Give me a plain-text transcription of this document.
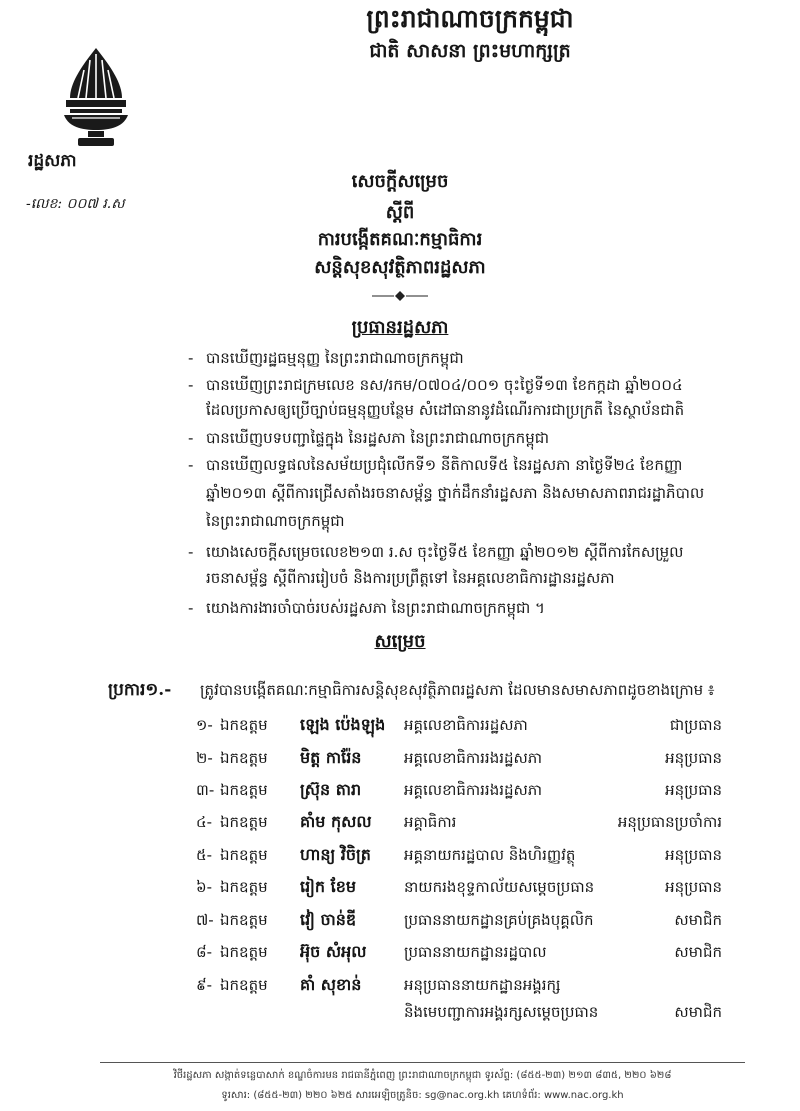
ព្រះរាជាណាចក្រកម្ពុជា
ជាតិ សាសនា ព្រះមហាក្សត្រ
រដ្ឋសភា
-លេខ: ០០៧ រ.ស
សេចក្តីសម្រេច
ស្តីពី
ការបង្កើតគណៈកម្មាធិការ
សន្តិសុខសុវត្ថិភាពរដ្ឋសភា
ប្រធានរដ្ឋសភា
- បានឃើញរដ្ឋធម្មនុញ្ញ នៃព្រះរាជាណាចក្រកម្ពុជា
- បានឃើញព្រះរាជក្រមលេខ នស/រកម/០៧០៤/០០១ ចុះថ្ងៃទី១៣ ខែកក្កដា ឆ្នាំ២០០៤
ដែលប្រកាសឲ្យប្រើច្បាប់ធម្មនុញ្ញបន្ថែម សំដៅធានានូវដំណើរការជាប្រក្រតី នៃស្ថាប័នជាតិ
- បានឃើញបទបញ្ជាផ្ទៃក្នុង នៃរដ្ឋសភា នៃព្រះរាជាណាចក្រកម្ពុជា
- បានឃើញលទ្ធផលនៃសម័យប្រជុំលើកទី១ នីតិកាលទី៥ នៃរដ្ឋសភា នាថ្ងៃទី២៤ ខែកញ្ញា
ឆ្នាំ២០១៣ ស្តីពីការជ្រើសតាំងរចនាសម្ព័ន្ធ ថ្នាក់ដឹកនាំរដ្ឋសភា និងសមាសភាពរាជរដ្ឋាភិបាល
នៃព្រះរាជាណាចក្រកម្ពុជា
- យោងសេចក្តីសម្រេចលេខ២១៣ រ.ស ចុះថ្ងៃទី៥ ខែកញ្ញា ឆ្នាំ២០១២ ស្តីពីការកែសម្រួល
រចនាសម្ព័ន្ធ ស្តីពីការរៀបចំ និងការប្រព្រឹត្តទៅ នៃអគ្គលេខាធិការដ្ឋានរដ្ឋសភា
- យោងការងារចាំបាច់របស់រដ្ឋសភា នៃព្រះរាជាណាចក្រកម្ពុជា ។
សម្រេច
ប្រការ១.-	ត្រូវបានបង្កើតគណៈកម្មាធិការសន្តិសុខសុវត្ថិភាពរដ្ឋសភា ដែលមានសមាសភាពដូចខាងក្រោម ៖
១- ឯកឧត្តម	ឡេង ប៉េងឡុង	អគ្គលេខាធិការរដ្ឋសភា	ជាប្រធាន
២- ឯកឧត្តម	មិត្ត ការ៉ែន	អគ្គលេខាធិការរងរដ្ឋសភា	អនុប្រធាន
៣- ឯកឧត្តម	ស៊្រុន តារា	អគ្គលេខាធិការរងរដ្ឋសភា	អនុប្រធាន
៤- ឯកឧត្តម	គាំម កុសល	អគ្គាធិការ	អនុប្រធានប្រចាំការ
៥- ឯកឧត្តម	ហាន្យ វិចិត្រ	អគ្គនាយករដ្ឋបាល និងហិរញ្ញវត្ថុ	អនុប្រធាន
៦- ឯកឧត្តម	រៀក ខែម	នាយករងខុទ្ទកាល័យសម្តេចប្រធាន	អនុប្រធាន
៧- ឯកឧត្តម	វៀ ចាន់ឌី	ប្រធាននាយកដ្ឋានគ្រប់គ្រងបុគ្គលិក	សមាជិក
៨- ឯកឧត្តម	អ៊ុច សំអុល	ប្រធាននាយកដ្ឋានរដ្ឋបាល	សមាជិក
៩- ឯកឧត្តម	គាំ សុខាន់	អនុប្រធាននាយកដ្ឋានអង្គរក្ស
និងមេបញ្ជាការអង្គរក្សសម្តេចប្រធាន	សមាជិក
វិថីរដ្ឋសភា សង្កាត់ទន្លេបាសាក់ ខណ្ឌចំការមន រាជធានីភ្នំពេញ ព្រះរាជាណាចក្រកម្ពុជា ទូរស័ព្ទ: (៨៥៥-២៣) ២១៣ ៨៣៥, ២២០ ៦២៨
ទូរសារ: (៨៥៥-២៣) ២២០ ៦២៥ សារអេឡិចត្រូនិច: sg@nac.org.kh គេហទំព័រ: www.nac.org.kh
